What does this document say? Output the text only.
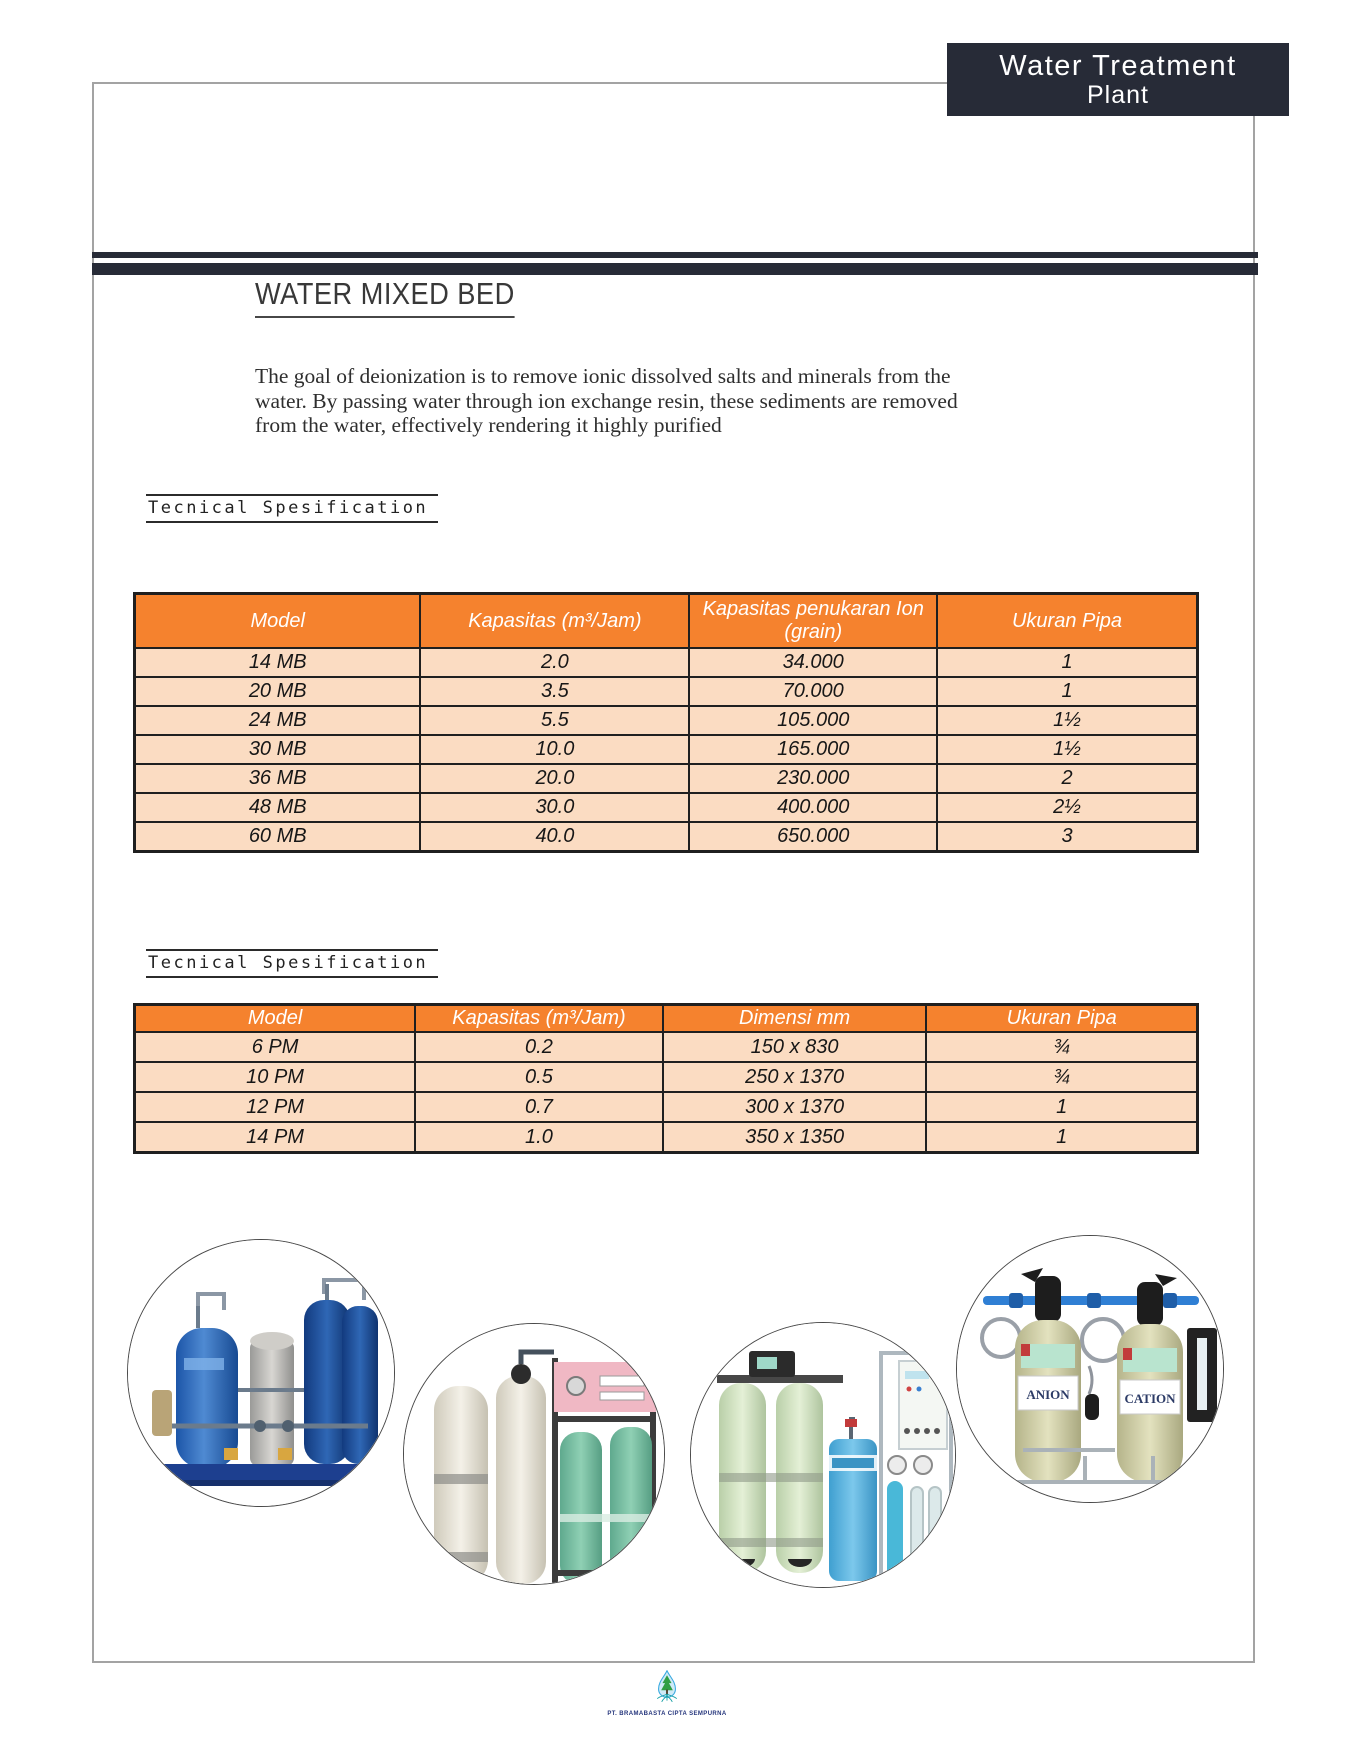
Water Treatment
Plant
WATER MIXED BED
The goal of deionization is to remove ionic dissolved salts and minerals from the water. By passing water through ion exchange resin, these sediments are removed from the water, effectively rendering it highly purified
Tecnical Spesification
Model	Kapasitas (m³/Jam)	Kapasitas penukaran Ion (grain)	Ukuran Pipa
14 MB	2.0	34.000	1
20 MB	3.5	70.000	1
24 MB	5.5	105.000	1½
30 MB	10.0	165.000	1½
36 MB	20.0	230.000	2
48 MB	30.0	400.000	2½
60 MB	40.0	650.000	3
Tecnical Spesification
Model	Kapasitas (m³/Jam)	Dimensi mm	Ukuran Pipa
6 PM	0.2	150 x 830	¾
10 PM	0.5	250 x 1370	¾
12 PM	0.7	300 x 1370	1
14 PM	1.0	350 x 1350	1
ANION	CATION
PT. BRAMABASTA CIPTA SEMPURNA
